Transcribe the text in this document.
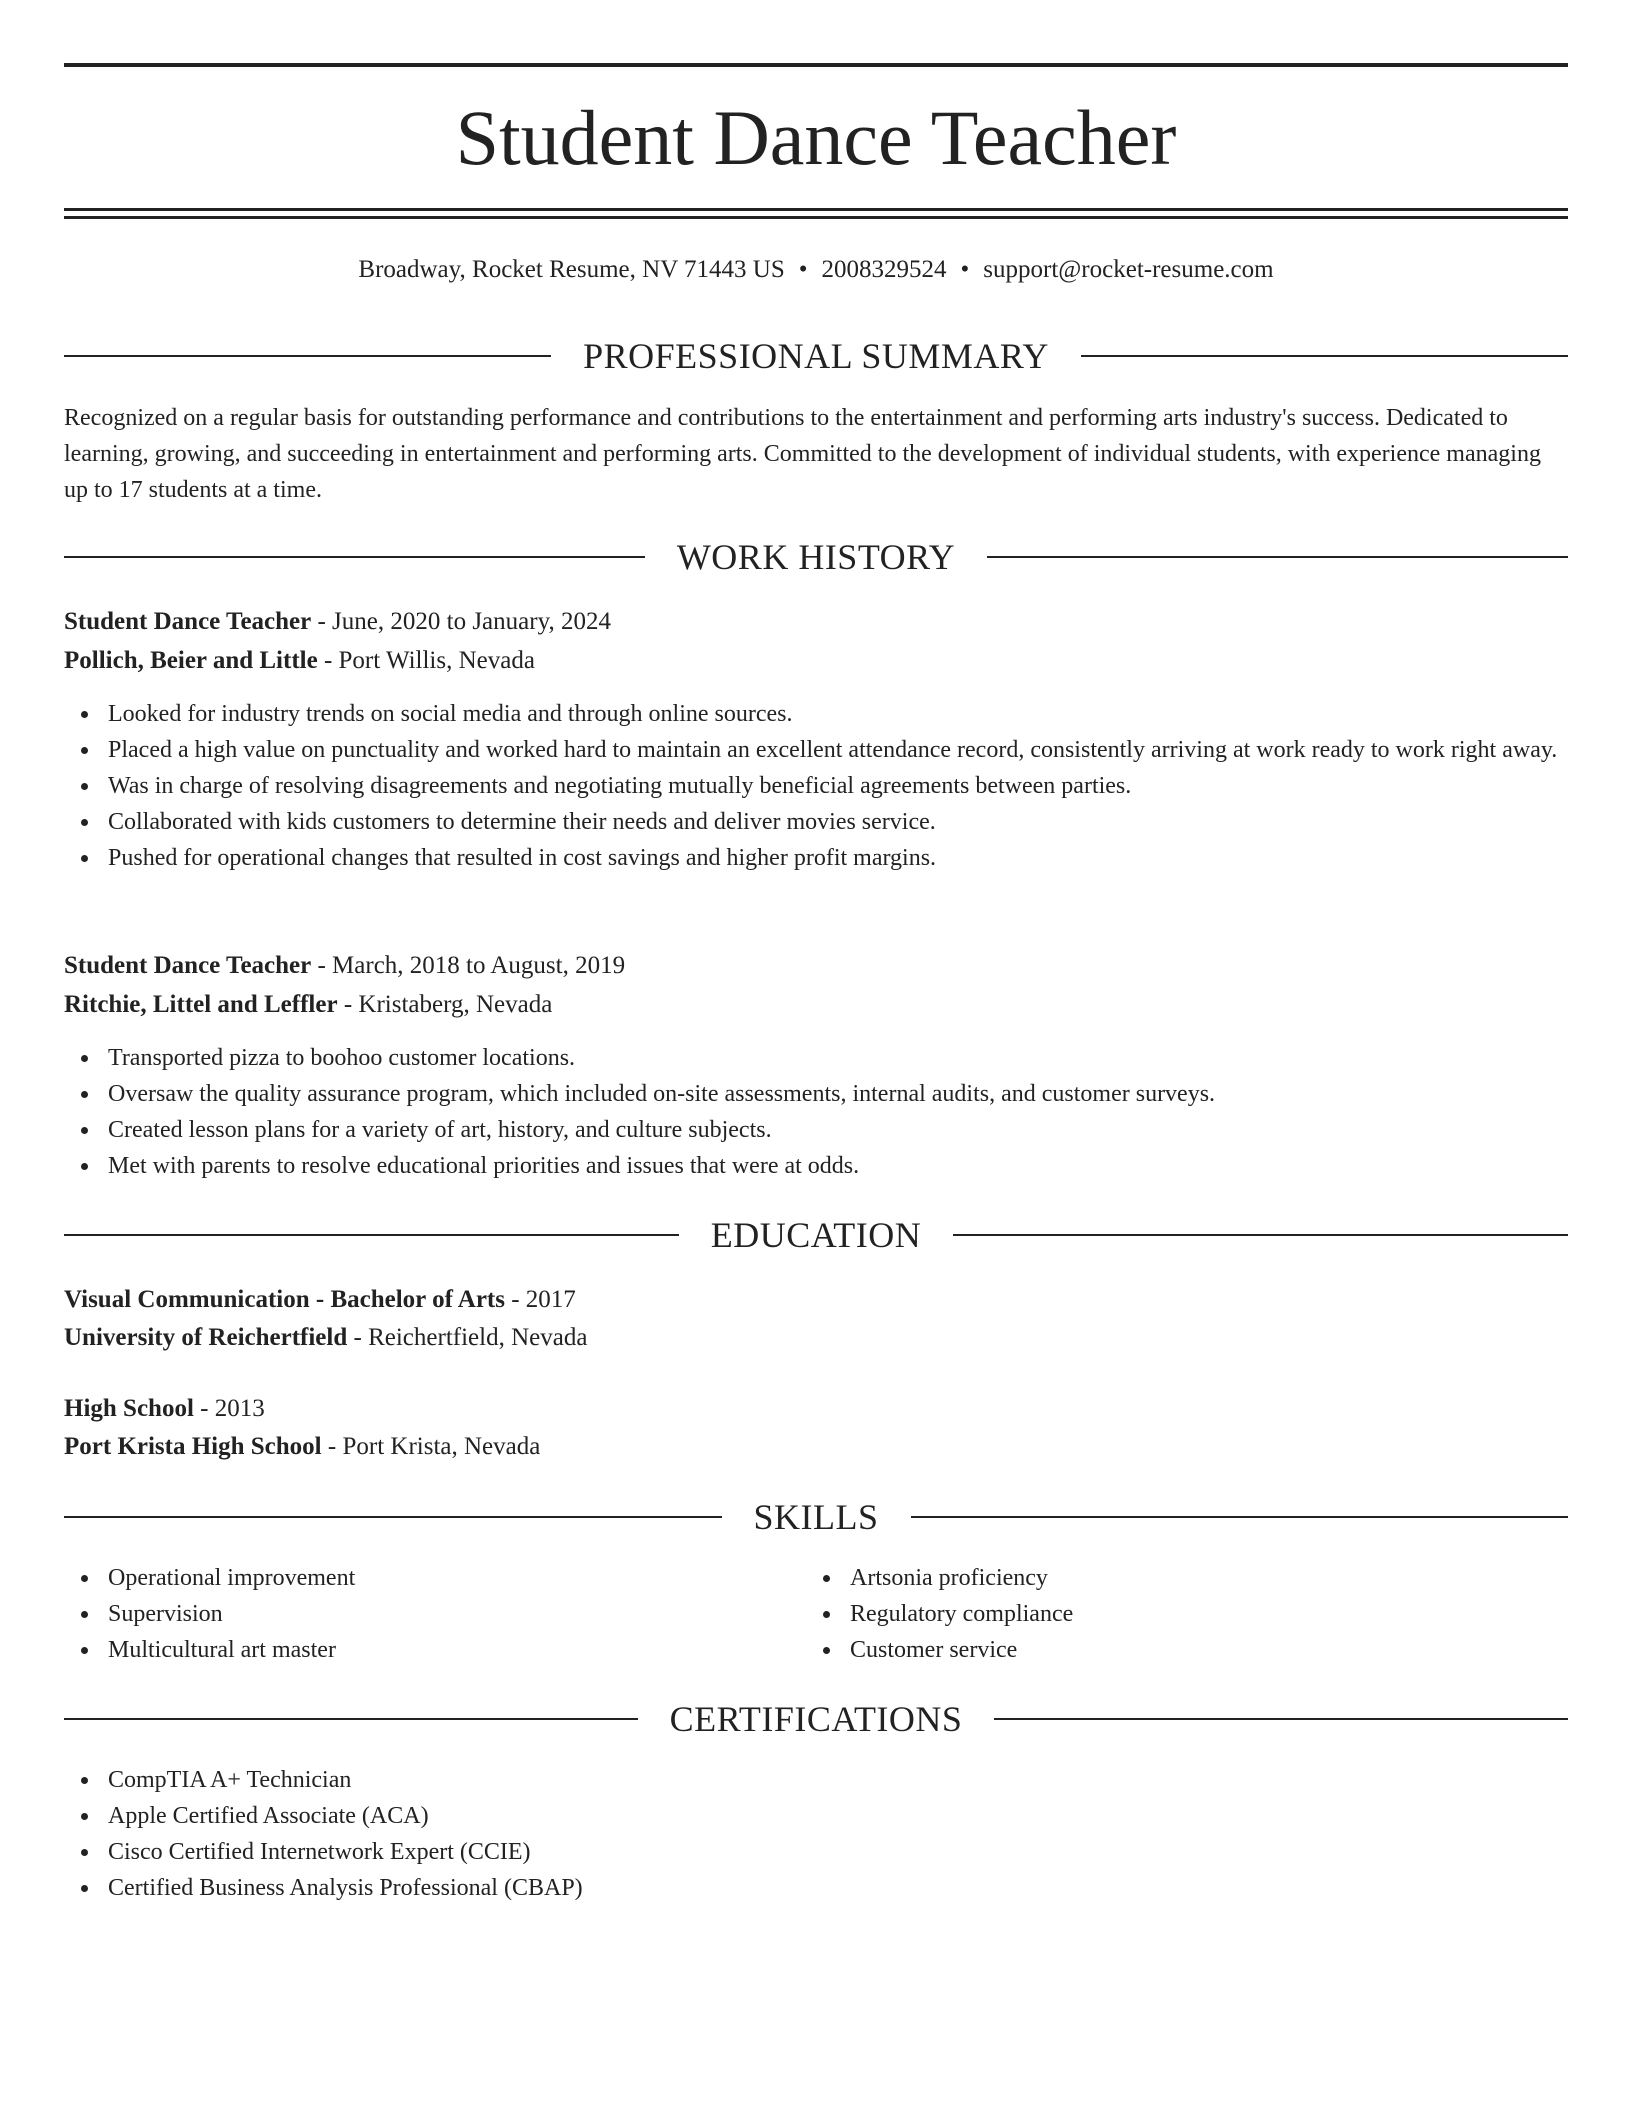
Student Dance Teacher
Broadway, Rocket Resume, NV 71443 US • 2008329524 • support@rocket-resume.com
PROFESSIONAL SUMMARY

Recognized on a regular basis for outstanding performance and contributions to the entertainment and performing arts industry's success. Dedicated to learning, growing, and succeeding in entertainment and performing arts. Committed to the development of individual students, with experience managing up to 17 students at a time.

WORK HISTORY
Student Dance Teacher - June, 2020 to January, 2024
Pollich, Beier and Little - Port Willis, Nevada
Looked for industry trends on social media and through online sources.
Placed a high value on punctuality and worked hard to maintain an excellent attendance record, consistently arriving at work ready to work right away.
Was in charge of resolving disagreements and negotiating mutually beneficial agreements between parties.
Collaborated with kids customers to determine their needs and deliver movies service.
Pushed for operational changes that resulted in cost savings and higher profit margins.
Student Dance Teacher - March, 2018 to August, 2019
Ritchie, Littel and Leffler - Kristaberg, Nevada
Transported pizza to boohoo customer locations.
Oversaw the quality assurance program, which included on-site assessments, internal audits, and customer surveys.
Created lesson plans for a variety of art, history, and culture subjects.
Met with parents to resolve educational priorities and issues that were at odds.
EDUCATION
Visual Communication - Bachelor of Arts - 2017
University of Reichertfield - Reichertfield, Nevada
High School - 2013
Port Krista High School - Port Krista, Nevada
SKILLS
Operational improvement
Supervision
Multicultural art master
Artsonia proficiency
Regulatory compliance
Customer service
CERTIFICATIONS
CompTIA A+ Technician
Apple Certified Associate (ACA)
Cisco Certified Internetwork Expert (CCIE)
Certified Business Analysis Professional (CBAP)
